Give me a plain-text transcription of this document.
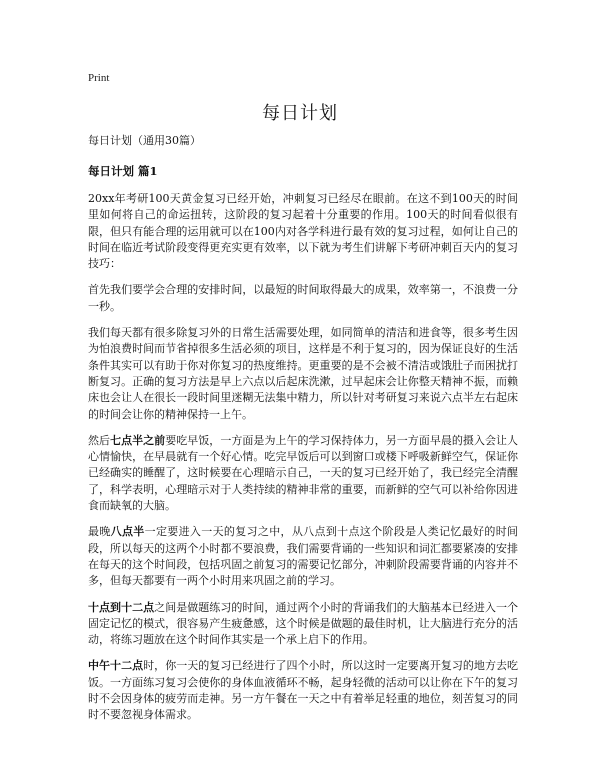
Print
每日计划

每日计划（通用30篇）

每日计划 篇1

20xx年考研100天黄金复习已经开始，冲刺复习已经尽在眼前。在这不到100天的时间里如何将自己的命运扭转，这阶段的复习起着十分重要的作用。100天的时间看似很有限，但只有能合理的运用就可以在100内对各学科进行最有效的复习过程，如何让自己的时间在临近考试阶段变得更充实更有效率，以下就为考生们讲解下考研冲刺百天内的复习技巧：

首先我们要学会合理的安排时间，以最短的时间取得最大的成果，效率第一，不浪费一分一秒。

我们每天都有很多除复习外的日常生活需要处理，如同简单的清洁和进食等，很多考生因为怕浪费时间而节省掉很多生活必须的项目，这样是不利于复习的，因为保证良好的生活条件其实可以有助于你对你复习的热度维持。更重要的是不会被不清洁或饿肚子而困扰打断复习。正确的复习方法是早上六点以后起床洗漱，过早起床会让你整天精神不振，而赖床也会让人在很长一段时间里迷糊无法集中精力，所以针对考研复习来说六点半左右起床的时间会让你的精神保持一上午。

然后七点半之前要吃早饭，一方面是为上午的学习保持体力，另一方面早晨的摄入会让人心情愉快，在早晨就有一个好心情。吃完早饭后可以到窗口或楼下呼吸新鲜空气，保证你已经确实的睡醒了，这时候要在心理暗示自己，一天的复习已经开始了，我已经完全清醒了，科学表明，心理暗示对于人类持续的精神非常的重要，而新鲜的空气可以补给你因进食而缺氧的大脑。

最晚八点半一定要进入一天的复习之中，从八点到十点这个阶段是人类记忆最好的时间段，所以每天的这两个小时都不要浪费，我们需要背诵的一些知识和词汇都要紧凑的安排在每天的这个时间段，包括巩固之前复习的需要记忆部分，冲刺阶段需要背诵的内容并不多，但每天都要有一两个小时用来巩固之前的学习。

十点到十二点之间是做题练习的时间，通过两个小时的背诵我们的大脑基本已经进入一个固定记忆的模式，很容易产生疲惫感，这个时候是做题的最佳时机，让大脑进行充分的活动，将练习题放在这个时间作其实是一个承上启下的作用。

中午十二点时，你一天的复习已经进行了四个小时，所以这时一定要离开复习的地方去吃饭。一方面练习复习会使你的身体血液循环不畅，起身轻微的活动可以让你在下午的复习时不会因身体的疲劳而走神。另一方午餐在一天之中有着举足轻重的地位，刻苦复习的同时不要忽视身体需求。
